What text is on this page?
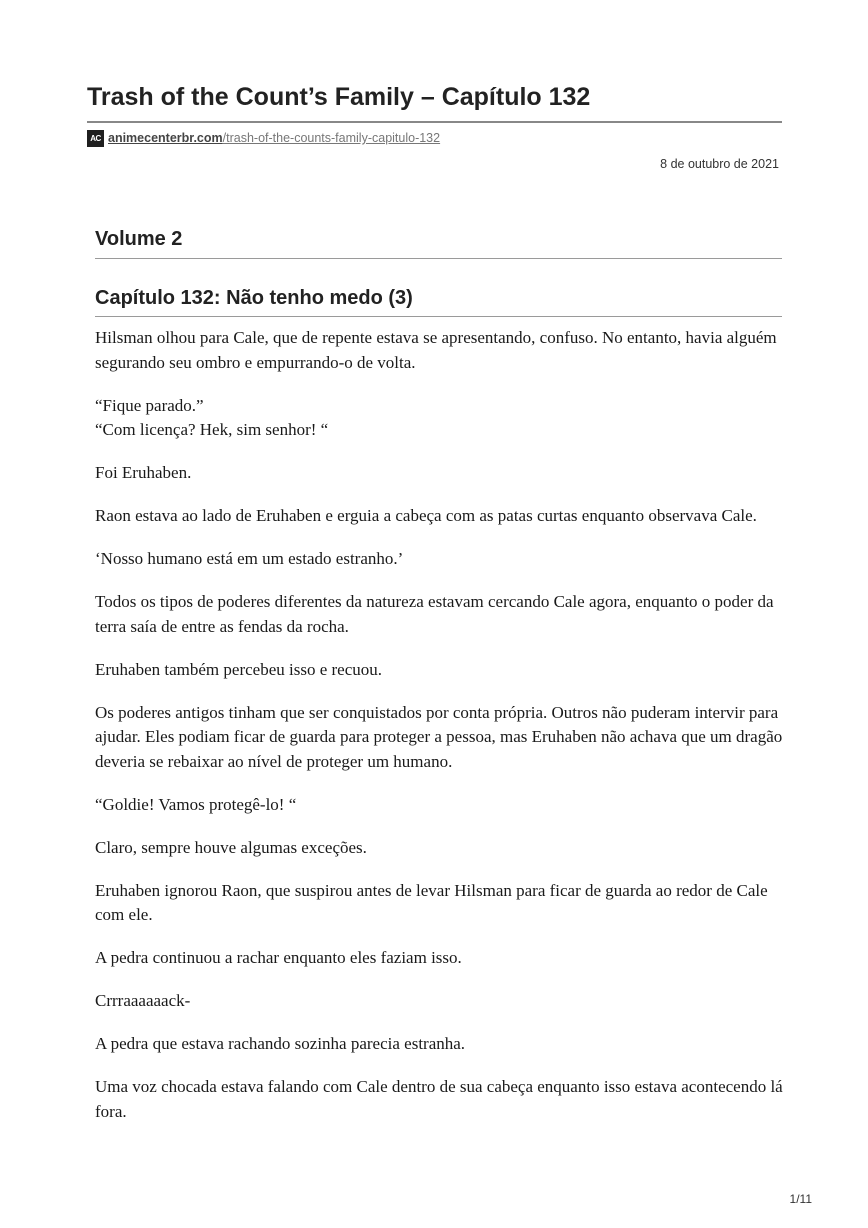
Trash of the Count’s Family – Capítulo 132
AC animecenterbr.com /trash-of-the-counts-family-capitulo-132
8 de outubro de 2021
Volume 2
Capítulo 132: Não tenho medo (3)

Hilsman olhou para Cale, que de repente estava se apresentando, confuso. No entanto, havia alguém segurando seu ombro e empurrando-o de volta.

“Fique parado.”
“Com licença? Hek, sim senhor! “

Foi Eruhaben.

Raon estava ao lado de Eruhaben e erguia a cabeça com as patas curtas enquanto observava Cale.

‘Nosso humano está em um estado estranho.’

Todos os tipos de poderes diferentes da natureza estavam cercando Cale agora, enquanto o poder da terra saía de entre as fendas da rocha.

Eruhaben também percebeu isso e recuou.

Os poderes antigos tinham que ser conquistados por conta própria. Outros não puderam intervir para ajudar. Eles podiam ficar de guarda para proteger a pessoa, mas Eruhaben não achava que um dragão deveria se rebaixar ao nível de proteger um humano.

“Goldie! Vamos protegê-lo! “

Claro, sempre houve algumas exceções.

Eruhaben ignorou Raon, que suspirou antes de levar Hilsman para ficar de guarda ao redor de Cale com ele.

A pedra continuou a rachar enquanto eles faziam isso.

Crrraaaaaack-

A pedra que estava rachando sozinha parecia estranha.

Uma voz chocada estava falando com Cale dentro de sua cabeça enquanto isso estava acontecendo lá fora.

1/11
